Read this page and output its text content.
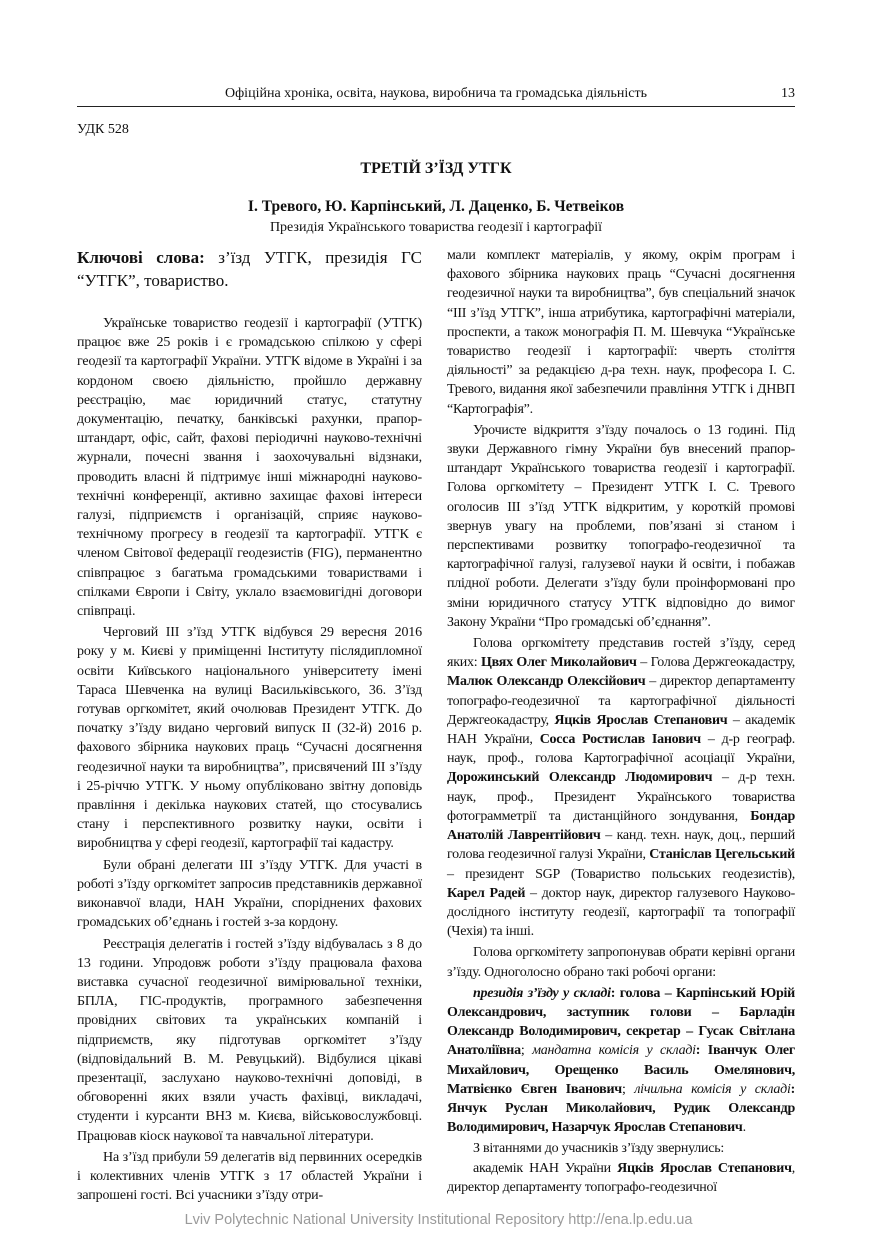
Офіційна хроніка, освіта, наукова, виробнича та громадська діяльність	13
УДК 528
ТРЕТІЙ З’ЇЗД УТГК
І. Тревого, Ю. Карпінський, Л. Даценко, Б. Четвеіков
Президія Українського товариства геодезії і картографії
Ключові слова: з’їзд УТГК, президія ГС “УТГК”, товариство.

Українське товариство геодезії і картографії (УТГК) працює вже 25 років і є громадською спілкою у сфері геодезії та картографії України. УТГК відоме в Україні і за кордоном своєю діяльністю, пройшло державну реєстрацію, має юридичний статус, статутну документацію, печатку, банківські рахунки, прапор-штандарт, офіс, сайт, фахові періодичні науково-технічні журнали, почесні звання і заохочувальні відзнаки, проводить власні й підтримує інші міжнародні науково-технічні конференції, активно захищає фахові інтереси галузі, підприємств і організацій, сприяє науково-технічному прогресу в геодезії та картографії. УТГК є членом Світової федерації геодезистів (FIG), перманентно співпрацює з багатьма громадськими товариствами і спілками Європи і Світу, уклало взаємовигідні договори співпраці.

Черговий ІІІ з’їзд УТГК відбувся 29 вересня 2016 року у м. Києві у приміщенні Інституту післядипломної освіти Київського національного університету імені Тараса Шевченка на вулиці Васильківського, 36. З’їзд готував оргкомітет, який очолював Президент УТГК. До початку з’їзду видано черговий випуск ІІ (32-й) 2016 р. фахового збірника наукових праць “Сучасні досягнення геодезичної науки та виробництва”, присвячений ІІІ з’їзду і 25-річчю УТГК. У ньому опубліковано звітну доповідь правління і декілька наукових статей, що стосувались стану і перспективного розвитку науки, освіти і виробництва у сфері геодезії, картографії таі кадастру.

Були обрані делегати ІІІ з’їзду УТГК. Для участі в роботі з’їзду оргкомітет запросив представників державної виконавчої влади, НАН України, споріднених фахових громадських об’єднань і гостей з-за кордону.

Реєстрація делегатів і гостей з’їзду відбувалась з 8 до 13 години. Упродовж роботи з’їзду працювала фахова виставка сучасної геодезичної вимірювальної техніки, БПЛА, ГІС-продуктів, програмного забезпечення провідних світових та українських компаній і підприємств, яку підготував оргкомітет з’їзду (відповідальний В. М. Ревуцький). Відбулися цікаві презентації, заслухано науково-технічні доповіді, в обговоренні яких взяли участь фахівці, викладачі, студенти і курсанти ВНЗ м. Києва, військовослужбовці. Працював кіоск наукової та навчальної літератури.

На з’їзд прибули 59 делегатів від первинних осередків і колективних членів УТГК з 17 областей України і запрошені гості. Всі учасники з’їзду отри-

мали комплект матеріалів, у якому, окрім програм і фахового збірника наукових праць “Сучасні досягнення геодезичної науки та виробництва”, був спеціальний значок “ІІІ з’їзд УТГК”, інша атрибутика, картографічні матеріали, проспекти, а також монографія П. М. Шевчука “Українське товариство геодезії і картографії: чверть століття діяльності” за редакцією д-ра техн. наук, професора І. С. Тревого, видання якої забезпечили правління УТГК і ДНВП “Картографія”.

Урочисте відкриття з’їзду почалось о 13 годині. Під звуки Державного гімну України був внесений прапор-штандарт Українського товариства геодезії і картографії. Голова оргкомітету – Президент УТГК І. С. Тревого оголосив ІІІ з’їзд УТГК відкритим, у короткій промові звернув увагу на проблеми, пов’язані зі станом і перспективами розвитку топографо-геодезичної та картографічної галузі, галузевої науки й освіти, і побажав плідної роботи. Делегати з’їзду були проінформовані про зміни юридичного статусу УТГК відповідно до вимог Закону України “Про громадські об’єднання”.

Голова оргкомітету представив гостей з’їзду, серед яких: Цвях Олег Миколайович – Голова Держгеокадастру, Малюк Олександр Олексійович – директор департаменту топографо-геодезичної та картографічної діяльності Держгеокадастру, Яцків Ярослав Степанович – академік НАН України, Сосса Ростислав Іанович – д-р географ. наук, проф., голова Картографічної асоціації України, Дорожинський Олександр Людомирович – д-р техн. наук, проф., Президент Українського товариства фотограмметрії та дистанційного зондування, Бондар Анатолій Лаврентійович – канд. техн. наук, доц., перший голова геодезичної галузі України, Станіслав Цегельський – президент SGP (Товариство польських геодезистів), Карел Радей – доктор наук, директор галузевого Науково-дослідного інституту геодезії, картографії та топографії (Чехія) та інші.

Голова оргкомітету запропонував обрати керівні органи з’їзду. Одноголосно обрано такі робочі органи:

президія з’їзду у складі: голова – Карпінський Юрій Олександрович, заступник голови – Барладін Олександр Володимирович, секретар – Гусак Світлана Анатоліївна; мандатна комісія у складі: Іванчук Олег Михайлович, Орещенко Василь Омелянович, Матвієнко Євген Іванович; лічильна комісія у складі: Янчук Руслан Миколайович, Рудик Олександр Володимирович, Назарчук Ярослав Степанович.

З вітаннями до учасників з’їзду звернулись:

академік НАН України Яцків Ярослав Степанович, директор департаменту топографо-геодезичної

Lviv Polytechnic National University Institutional Repository http://ena.lp.edu.ua
